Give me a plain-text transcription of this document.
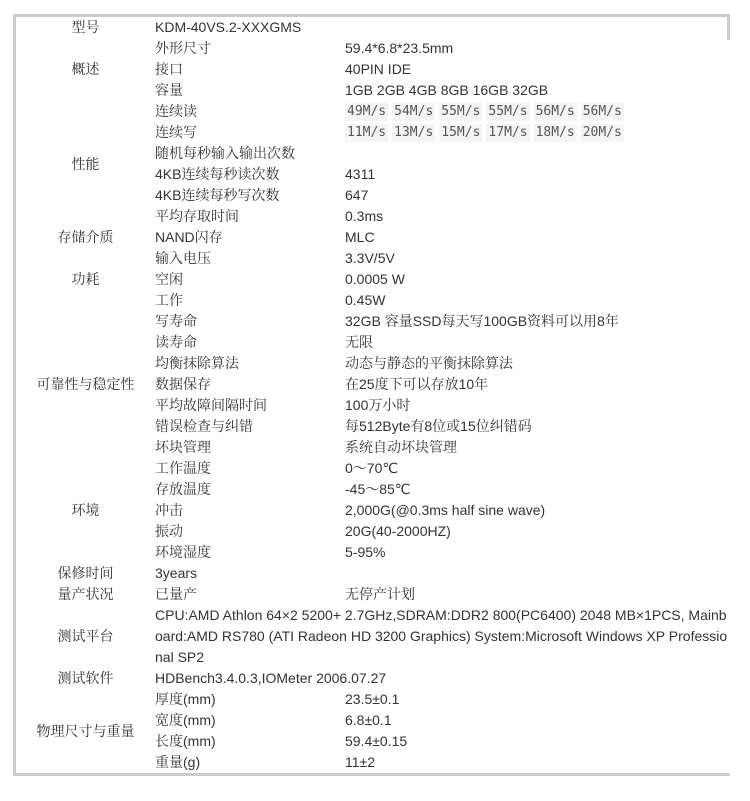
型号	KDM-40VS.2-XXXGMS	
概述	外形尺寸	59.4*6.8*23.5mm
	接口	40PIN IDE
	容量	1GB 2GB 4GB 8GB 16GB 32GB
性能	连续读	49M/s 54M/s 55M/s 55M/s 56M/s 56M/s
	连续写	11M/s 13M/s 15M/s 17M/s 18M/s 20M/s
	随机每秒输入输出次数	
	4KB连续每秒读次数	4311
	4KB连续每秒写次数	647
	平均存取时间	0.3ms
存储介质	NAND闪存	MLC
功耗	输入电压	3.3V/5V
	空闲	0.0005 W
	工作	0.45W
可靠性与稳定性	写寿命	32GB 容量SSD每天写100GB资料可以用8年
	读寿命	无限
	均衡抹除算法	动态与静态的平衡抹除算法
	数据保存	在25度下可以存放10年
	平均故障间隔时间	100万小时
	错误检查与纠错	每512Byte有8位或15位纠错码
	坏块管理	系统自动坏块管理
环境	工作温度	0～70℃
	存放温度	-45～85℃
	冲击	2,000G(@0.3ms half sine wave)
	振动	20G(40-2000HZ)
	环境湿度	5-95%
保修时间	3years	
量产状况	已量产	无停产计划
测试平台	CPU:AMD Athlon 64×2 5200+ 2.7GHz,SDRAM:DDR2 800(PC6400) 2048 MB×1PCS, Mainboard:AMD RS780 (ATI Radeon HD 3200 Graphics) System:Microsoft Windows XP Professional SP2	
测试软件	HDBench3.4.0.3,IOMeter 2006.07.27	
物理尺寸与重量	厚度(mm)	23.5±0.1
	宽度(mm)	6.8±0.1
	长度(mm)	59.4±0.15
	重量(g)	11±2
